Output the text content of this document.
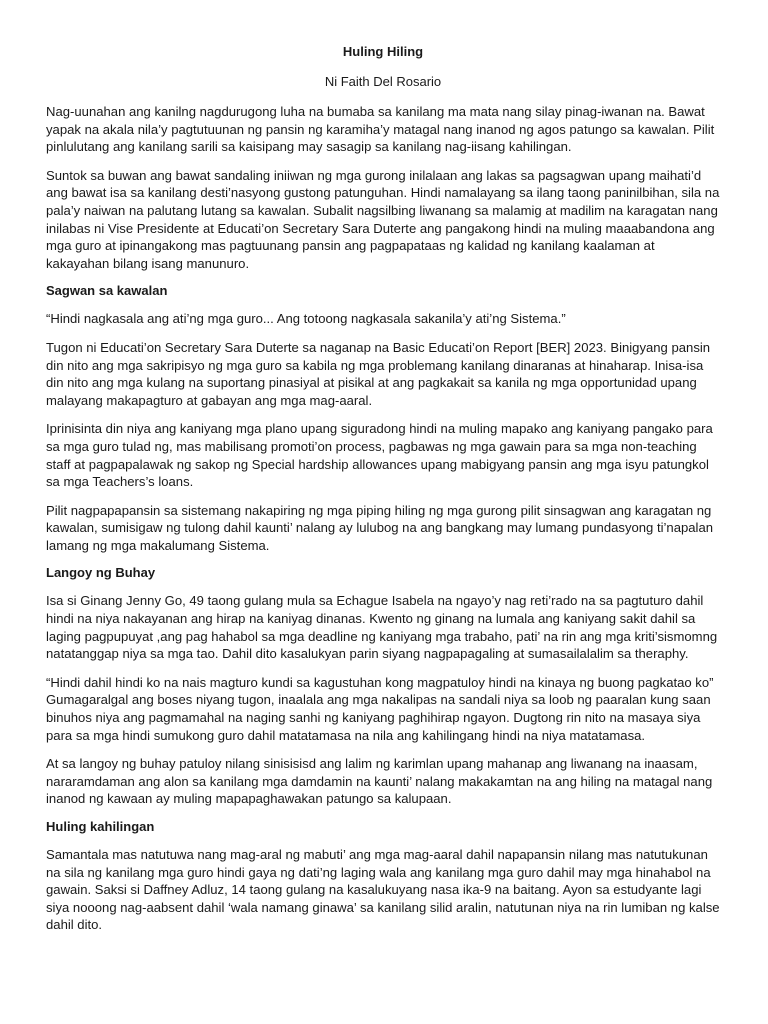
Huling Hiling
Ni Faith Del Rosario

Nag-uunahan ang kanilng nagdurugong luha na bumaba sa kanilang ma mata nang silay pinag-iwanan na. Bawat yapak na akala nila’y pagtutuunan ng pansin ng karamiha’y matagal nang inanod ng agos patungo sa kawalan. Pilit pinlulutang ang kanilang sarili sa kaisipang may sasagip sa kanilang nag-iisang kahilingan.

Suntok sa buwan ang bawat sandaling iniiwan ng mga gurong inilalaan ang lakas sa pagsagwan upang maihati’d ang bawat isa sa kanilang desti’nasyong gustong patunguhan. Hindi namalayang sa ilang taong paninilbihan, sila na pala’y naiwan na palutang lutang sa kawalan. Subalit nagsilbing liwanang sa malamig at madilim na karagatan nang inilabas ni Vise Presidente at Educati’on Secretary Sara Duterte ang pangakong hindi na muling maaabandona ang mga guro at ipinangakong mas pagtuunang pansin ang pagpapataas ng kalidad ng kanilang kaalaman at kakayahan bilang isang manunuro.

Sagwan sa kawalan

“Hindi nagkasala ang ati’ng mga guro... Ang totoong nagkasala sakanila’y ati’ng Sistema.”

Tugon ni Educati’on Secretary Sara Duterte sa naganap na Basic Educati’on Report [BER] 2023. Binigyang pansin din nito ang mga sakripisyo ng mga guro sa kabila ng mga problemang kanilang dinaranas at hinaharap. Inisa-isa din nito ang mga kulang na suportang pinasiyal at pisikal at ang pagkakait sa kanila ng mga opportunidad upang malayang makapagturo at gabayan ang mga mag-aaral.

Iprinisinta din niya ang kaniyang mga plano upang siguradong hindi na muling mapako ang kaniyang pangako para sa mga guro tulad ng, mas mabilisang promoti’on process, pagbawas ng mga gawain para sa mga non-teaching staff at pagpapalawak ng sakop ng Special hardship allowances upang mabigyang pansin ang mga isyu patungkol sa mga Teachers’s loans.

Pilit nagpapapansin sa sistemang nakapiring ng mga piping hiling ng mga gurong pilit sinsagwan ang karagatan ng kawalan, sumisigaw ng tulong dahil kaunti’ nalang ay lulubog na ang bangkang may lumang pundasyong ti’napalan lamang ng mga makalumang Sistema.

Langoy ng Buhay

Isa si Ginang Jenny Go, 49 taong gulang mula sa Echague Isabela na ngayo’y nag reti’rado na sa pagtuturo dahil hindi na niya nakayanan ang hirap na kaniyag dinanas. Kwento ng ginang na lumala ang kaniyang sakit dahil sa laging pagpupuyat ,ang pag hahabol sa mga deadline ng kaniyang mga trabaho, pati’ na rin ang mga kriti’sismomng natatanggap niya sa mga tao. Dahil dito kasalukyan parin siyang nagpapagaling at sumasailalalim sa theraphy.

“Hindi dahil hindi ko na nais magturo kundi sa kagustuhan kong magpatuloy hindi na kinaya ng buong pagkatao ko” Gumagaralgal ang boses niyang tugon, inaalala ang mga nakalipas na sandali niya sa loob ng paaralan kung saan binuhos niya ang pagmamahal na naging sanhi ng kaniyang paghihirap ngayon. Dugtong rin nito na masaya siya para sa mga hindi sumukong guro dahil matatamasa na nila ang kahilingang hindi na niya matatamasa.

At sa langoy ng buhay patuloy nilang sinisisisd ang lalim ng karimlan upang mahanap ang liwanang na inaasam, nararamdaman ang alon sa kanilang mga damdamin na kaunti’ nalang makakamtan na ang hiling na matagal nang inanod ng kawaan ay muling mapapaghawakan patungo sa kalupaan.

Huling kahilingan

Samantala mas natutuwa nang mag-aral ng mabuti’ ang mga mag-aaral dahil napapansin nilang mas natutukunan na sila ng kanilang mga guro hindi gaya ng dati’ng laging wala ang kanilang mga guro dahil may mga hinahabol na gawain. Saksi si Daffney Adluz, 14 taong gulang na kasalukuyang nasa ika-9 na baitang. Ayon sa estudyante lagi siya nooong nag-aabsent dahil ‘wala namang ginawa’ sa kanilang silid aralin, natutunan niya na rin lumiban ng kalse dahil dito.
